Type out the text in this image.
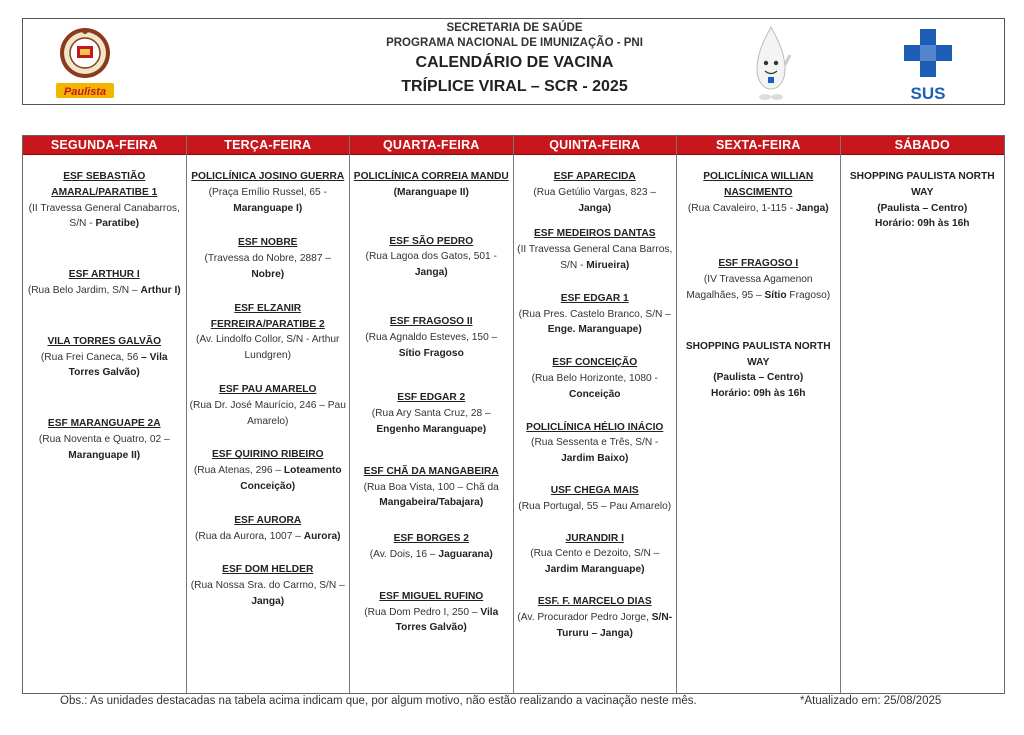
Paulista
SECRETARIA DE SAÚDE
PROGRAMA NACIONAL DE IMUNIZAÇÃO - PNI
CALENDÁRIO DE VACINA
TRÍPLICE VIRAL – SCR - 2025	SUS
SEGUNDA-FEIRA
ESF SEBASTIÃO AMARAL/PARATIBE 1
(II Travessa General Canabarros, S/N - Paratibe)
ESF ARTHUR I
(Rua Belo Jardim, S/N – Arthur I)
VILA TORRES GALVÃO
(Rua Frei Caneca, 56 – Vila Torres Galvão)
ESF MARANGUAPE 2A
(Rua Noventa e Quatro, 02 – Maranguape II)
TERÇA-FEIRA
POLICLÍNICA JOSINO GUERRA
(Praça Emílio Russel, 65 - Maranguape I)
ESF NOBRE
(Travessa do Nobre, 2887 – Nobre)
ESF ELZANIR FERREIRA/PARATIBE 2
(Av. Lindolfo Collor, S/N - Arthur Lundgren)
ESF PAU AMARELO
(Rua Dr. José Maurício, 246 – Pau Amarelo)
ESF QUIRINO RIBEIRO
(Rua Atenas, 296 – Loteamento Conceição)
ESF AURORA
(Rua da Aurora, 1007 – Aurora)
ESF DOM HELDER
(Rua Nossa Sra. do Carmo, S/N – Janga)
QUARTA-FEIRA
POLICLÍNICA CORREIA MANDU
(Maranguape II)
ESF SÃO PEDRO
(Rua Lagoa dos Gatos, 501 - Janga)
ESF FRAGOSO II
(Rua Agnaldo Esteves, 150 – Sítio Fragoso
ESF EDGAR 2
(Rua Ary Santa Cruz, 28 – Engenho Maranguape)
ESF CHÃ DA MANGABEIRA
(Rua Boa Vista, 100 – Chã da Mangabeira/Tabajara)
ESF BORGES 2
(Av. Dois, 16 – Jaguarana)
ESF MIGUEL RUFINO
(Rua Dom Pedro I, 250 – Vila Torres Galvão)
QUINTA-FEIRA
ESF APARECIDA
(Rua Getúlio Vargas, 823 – Janga)
ESF MEDEIROS DANTAS
(II Travessa General Cana Barros, S/N - Mirueira)
ESF EDGAR 1
(Rua Pres. Castelo Branco, S/N – Enge. Maranguape)
ESF CONCEIÇÃO
(Rua Belo Horizonte, 1080 - Conceição
POLICLÍNICA HÉLIO INÁCIO
(Rua Sessenta e Três, S/N - Jardim Baixo)
USF CHEGA MAIS
(Rua Portugal, 55 – Pau Amarelo)
JURANDIR I
(Rua Cento e Dezoito, S/N – Jardim Maranguape)
ESF. F. MARCELO DIAS
(Av. Procurador Pedro Jorge, S/N- Tururu – Janga)
SEXTA-FEIRA
POLICLÍNICA WILLIAN NASCIMENTO
(Rua Cavaleiro, 1-115 - Janga)
ESF FRAGOSO I
(IV Travessa Agamenon Magalhães, 95 – Sítio Fragoso)
SHOPPING PAULISTA NORTH WAY
(Paulista – Centro)
Horário: 09h às 16h
SÁBADO
SHOPPING PAULISTA NORTH WAY
(Paulista – Centro)
Horário: 09h às 16h
Obs.: As unidades destacadas na tabela acima indicam que, por algum motivo, não estão realizando a vacinação neste mês.	*Atualizado em: 25/08/2025
